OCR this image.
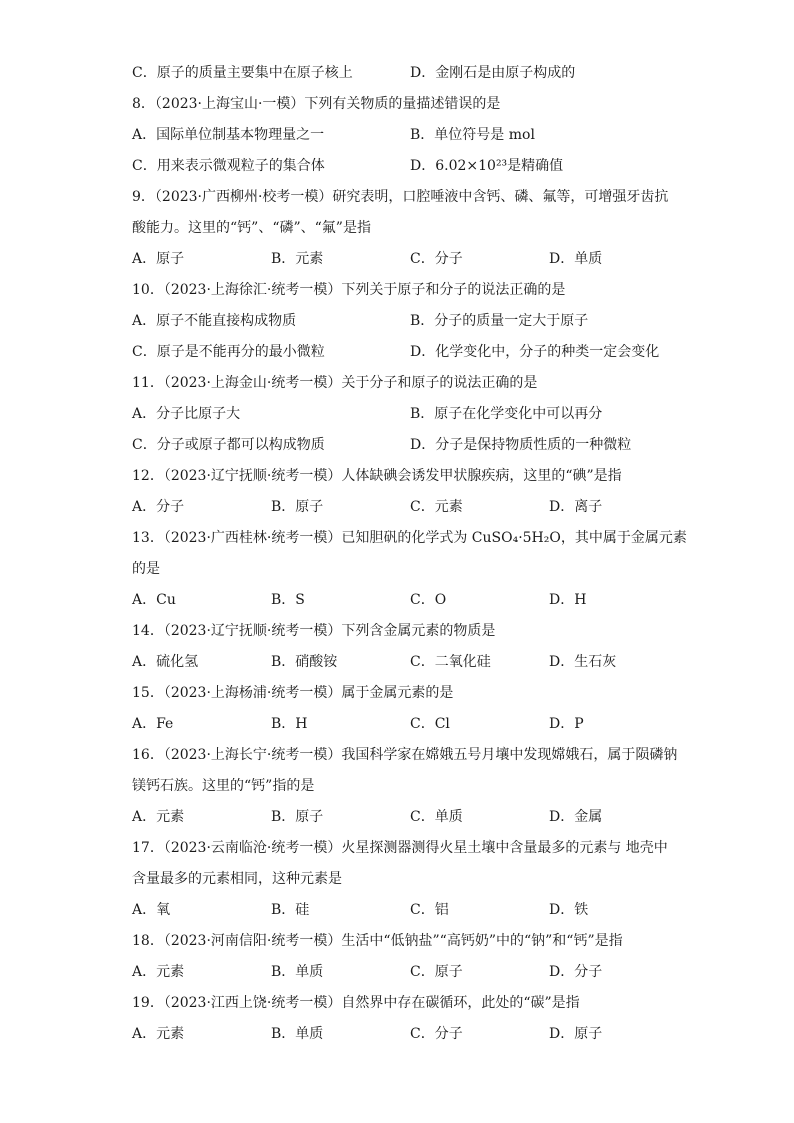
C．原子的质量主要集中在原子核上	D．金刚石是由原子构成的
8．（2023·上海宝山·一模）下列有关物质的量描述错误的是
A．国际单位制基本物理量之一	B．单位符号是 mol
C．用来表示微观粒子的集合体	D．6.02×10²³是精确值
9．（2023·广西柳州·校考一模）研究表明，口腔唾液中含钙、磷、氟等，可增强牙齿抗
酸能力。这里的“钙”、“磷”、“氟”是指
A．原子	B．元素	C．分子	D．单质
10．（2023·上海徐汇·统考一模）下列关于原子和分子的说法正确的是
A．原子不能直接构成物质	B．分子的质量一定大于原子
C．原子是不能再分的最小微粒	D．化学变化中，分子的种类一定会变化
11．（2023·上海金山·统考一模）关于分子和原子的说法正确的是
A．分子比原子大	B．原子在化学变化中可以再分
C．分子或原子都可以构成物质	D．分子是保持物质性质的一种微粒
12．（2023·辽宁抚顺·统考一模）人体缺碘会诱发甲状腺疾病，这里的“碘”是指
A．分子	B．原子	C．元素	D．离子
13．（2023·广西桂林·统考一模）已知胆矾的化学式为 CuSO₄·5H₂O，其中属于金属元素
的是
A．Cu	B．S	C．O	D．H
14．（2023·辽宁抚顺·统考一模）下列含金属元素的物质是
A．硫化氢	B．硝酸铵	C．二氧化硅	D．生石灰
15．（2023·上海杨浦·统考一模）属于金属元素的是
A．Fe	B．H	C．Cl	D．P
16．（2023·上海长宁·统考一模）我国科学家在嫦娥五号月壤中发现嫦娥石，属于陨磷钠
镁钙石族。这里的“钙”指的是
A．元素	B．原子	C．单质	D．金属
17．（2023·云南临沧·统考一模）火星探测器测得火星土壤中含量最多的元素与 地壳中
含量最多的元素相同，这种元素是
A．氧	B．硅	C．铝	D．铁
18．（2023·河南信阳·统考一模）生活中“低钠盐”“高钙奶”中的“钠”和“钙”是指
A．元素	B．单质	C．原子	D．分子
19．（2023·江西上饶·统考一模）自然界中存在碳循环，此处的“碳”是指
A．元素	B．单质	C．分子	D．原子
